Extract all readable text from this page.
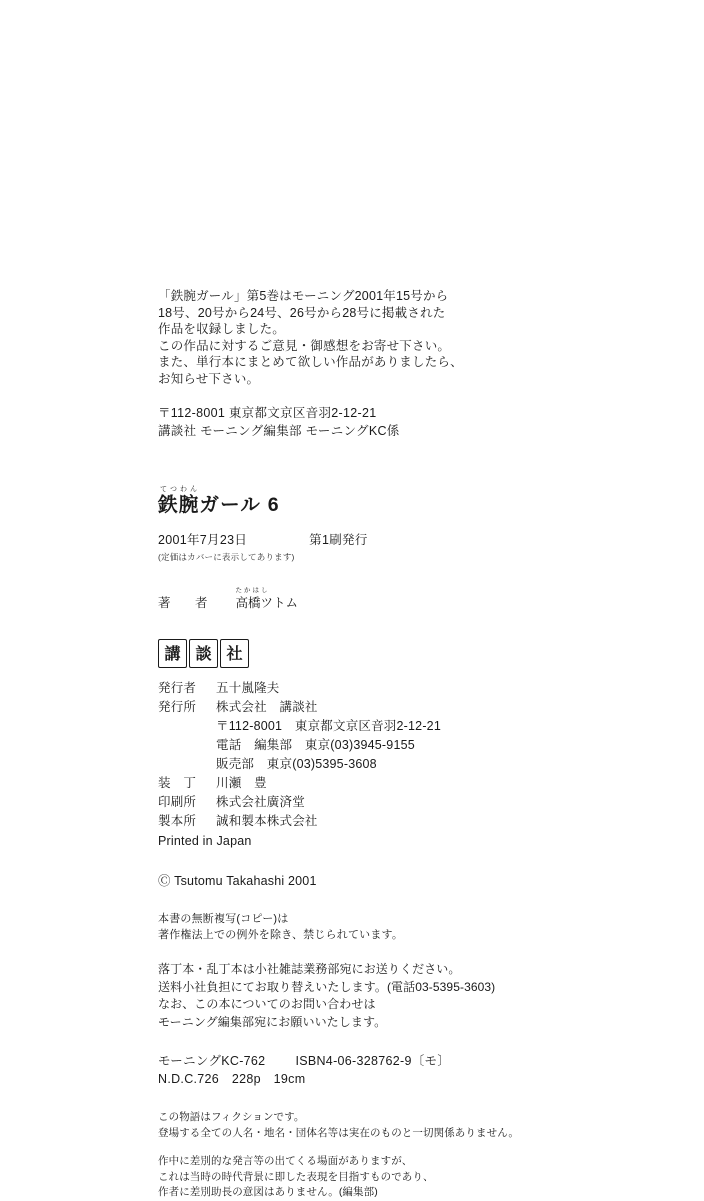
「鉄腕ガール」第5巻はモーニング2001年15号から
18号、20号から24号、26号から28号に掲載された
作品を収録しました。
この作品に対するご意見・御感想をお寄せ下さい。
また、単行本にまとめて欲しい作品がありましたら、
お知らせ下さい。
〒112-8001 東京都文京区音羽2-12-21
講談社 モーニング編集部 モーニングKC係
てつわん
鉄腕ガール 6
2001年7月23日	第1刷発行
(定価はカバーに表示してあります)
著　者
たかはし
高橋ツトム
講 談 社
発行者 五十嵐隆夫
発行所 株式会社　講談社
〒112-8001　東京都文京区音羽2-12-21
電話　編集部　東京(03)3945-9155
販売部　東京(03)5395-3608
装　丁 川瀬　豊
印刷所 株式会社廣済堂
製本所 誠和製本株式会社
Printed in Japan
Ⓒ Tsutomu Takahashi 2001
本書の無断複写(コピー)は
著作権法上での例外を除き、禁じられています。
落丁本・乱丁本は小社雑誌業務部宛にお送りください。
送料小社負担にてお取り替えいたします。(電話03-5395-3603)
なお、この本についてのお問い合わせは
モーニング編集部宛にお願いいたします。
モーニングKC-762 ISBN4-06-328762-9〔モ〕
N.D.C.726　228p　19cm
この物語はフィクションです。
登場する全ての人名・地名・団体名等は実在のものと一切関係ありません。
作中に差別的な発言等の出てくる場面がありますが、
これは当時の時代背景に即した表現を目指すものであり、
作者に差別助長の意図はありません。(編集部)
